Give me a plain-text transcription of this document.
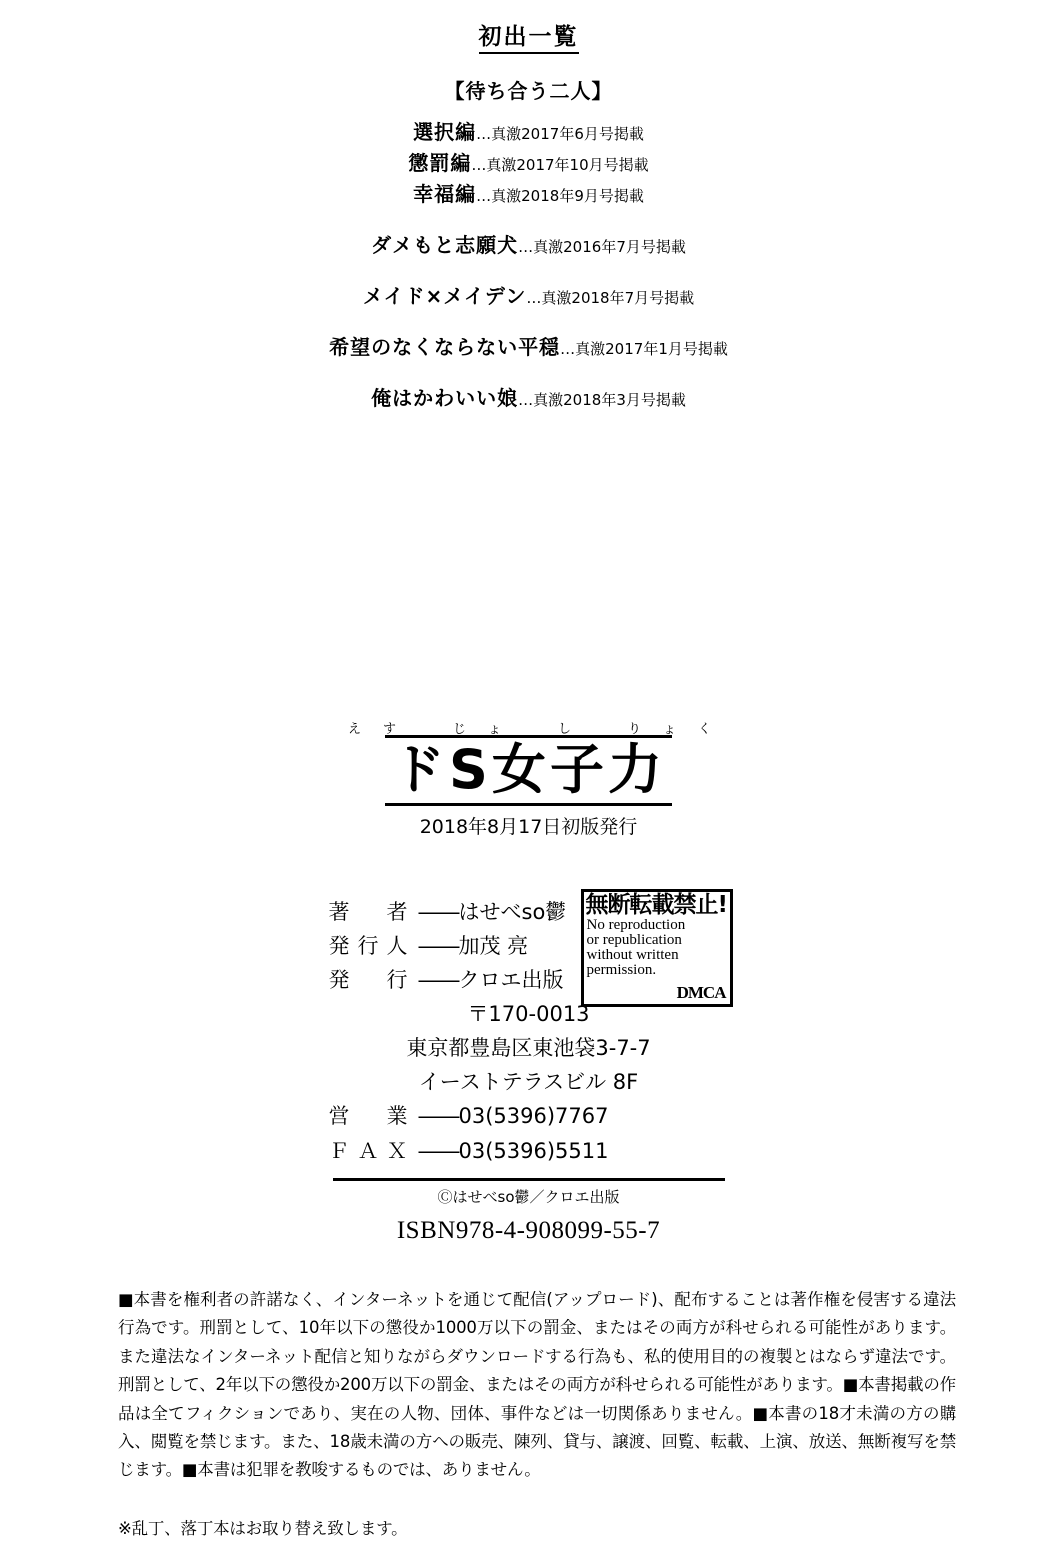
初出一覧
【待ち合う二人】
選択編…真激2017年6月号掲載
懲罰編…真激2017年10月号掲載
幸福編…真激2018年9月号掲載
ダメもと志願犬…真激2016年7月号掲載
メイド×メイデン…真激2018年7月号掲載
希望のなくならない平穏…真激2017年1月号掲載
俺はかわいい娘…真激2018年3月号掲載
えす　じょ　し　りょく
ドS女子力
2018年8月17日初版発行
無断転載禁止!
No reproduction
or republication
without written
permission.
DMCA
著　者 ――はせべso鬱
発行人 ――加茂 亮
発　行 ――クロエ出版
〒170-0013
東京都豊島区東池袋3-7-7
イーストテラスビル 8F
営　業 ――03(5396)7767
ＦＡＸ ――03(5396)5511
Ⓒはせべso鬱／クロエ出版
ISBN978-4-908099-55-7

■本書を権利者の許諾なく、インターネットを通じて配信(アップロード)、配布することは著作権を侵害する違法行為です。刑罰として、10年以下の懲役か1000万以下の罰金、またはその両方が科せられる可能性があります。また違法なインターネット配信と知りながらダウンロードする行為も、私的使用目的の複製とはならず違法です。刑罰として、2年以下の懲役か200万以下の罰金、またはその両方が科せられる可能性があります。■本書掲載の作品は全てフィクションであり、実在の人物、団体、事件などは一切関係ありません。■本書の18才未満の方の購入、閲覧を禁じます。また、18歳未満の方への販売、陳列、貸与、譲渡、回覧、転載、上演、放送、無断複写を禁じます。■本書は犯罪を教唆するものでは、ありません。

※乱丁、落丁本はお取り替え致します。
